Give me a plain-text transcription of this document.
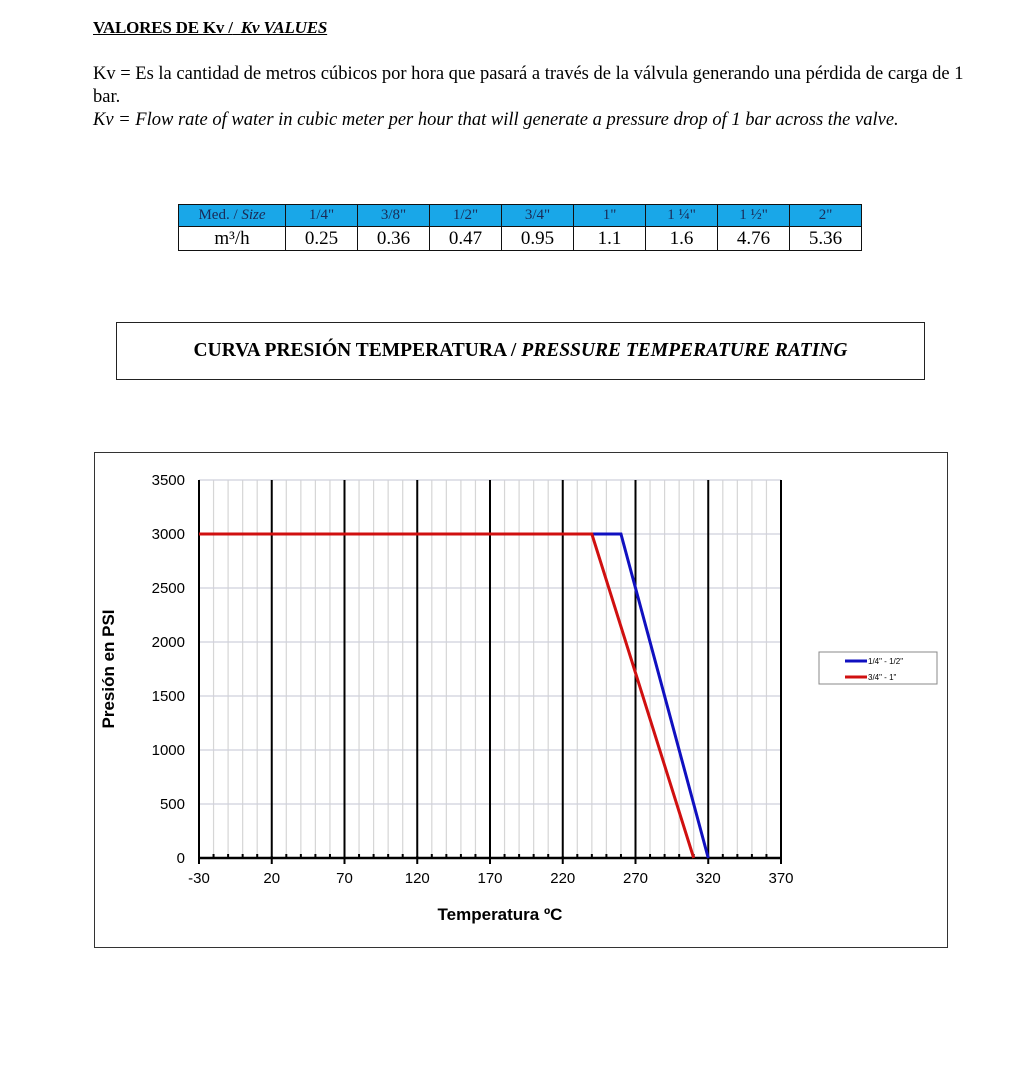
VALORES DE Kv / Kv VALUES
Kv = Es la cantidad de metros cúbicos por hora que pasará a través de la válvula generando una pérdida de carga de 1 bar.
Kv = Flow rate of water in cubic meter per hour that will generate a pressure drop of 1 bar across the valve.
Med. / Size	1/4"	3/8"	1/2"	3/4"	1"	1 ¼"	1 ½"	2"
m³/h	0.25	0.36	0.47	0.95	1.1	1.6	4.76	5.36
CURVA PRESIÓN TEMPERATURA / PRESSURE TEMPERATURE RATING
0
500
1000
1500
2000
2500
3000
3500
-30	20	70	120	170	220	270	320	370
Temperatura ºC
Presión en PSI	1/4" - 1/2"
3/4" - 1"
